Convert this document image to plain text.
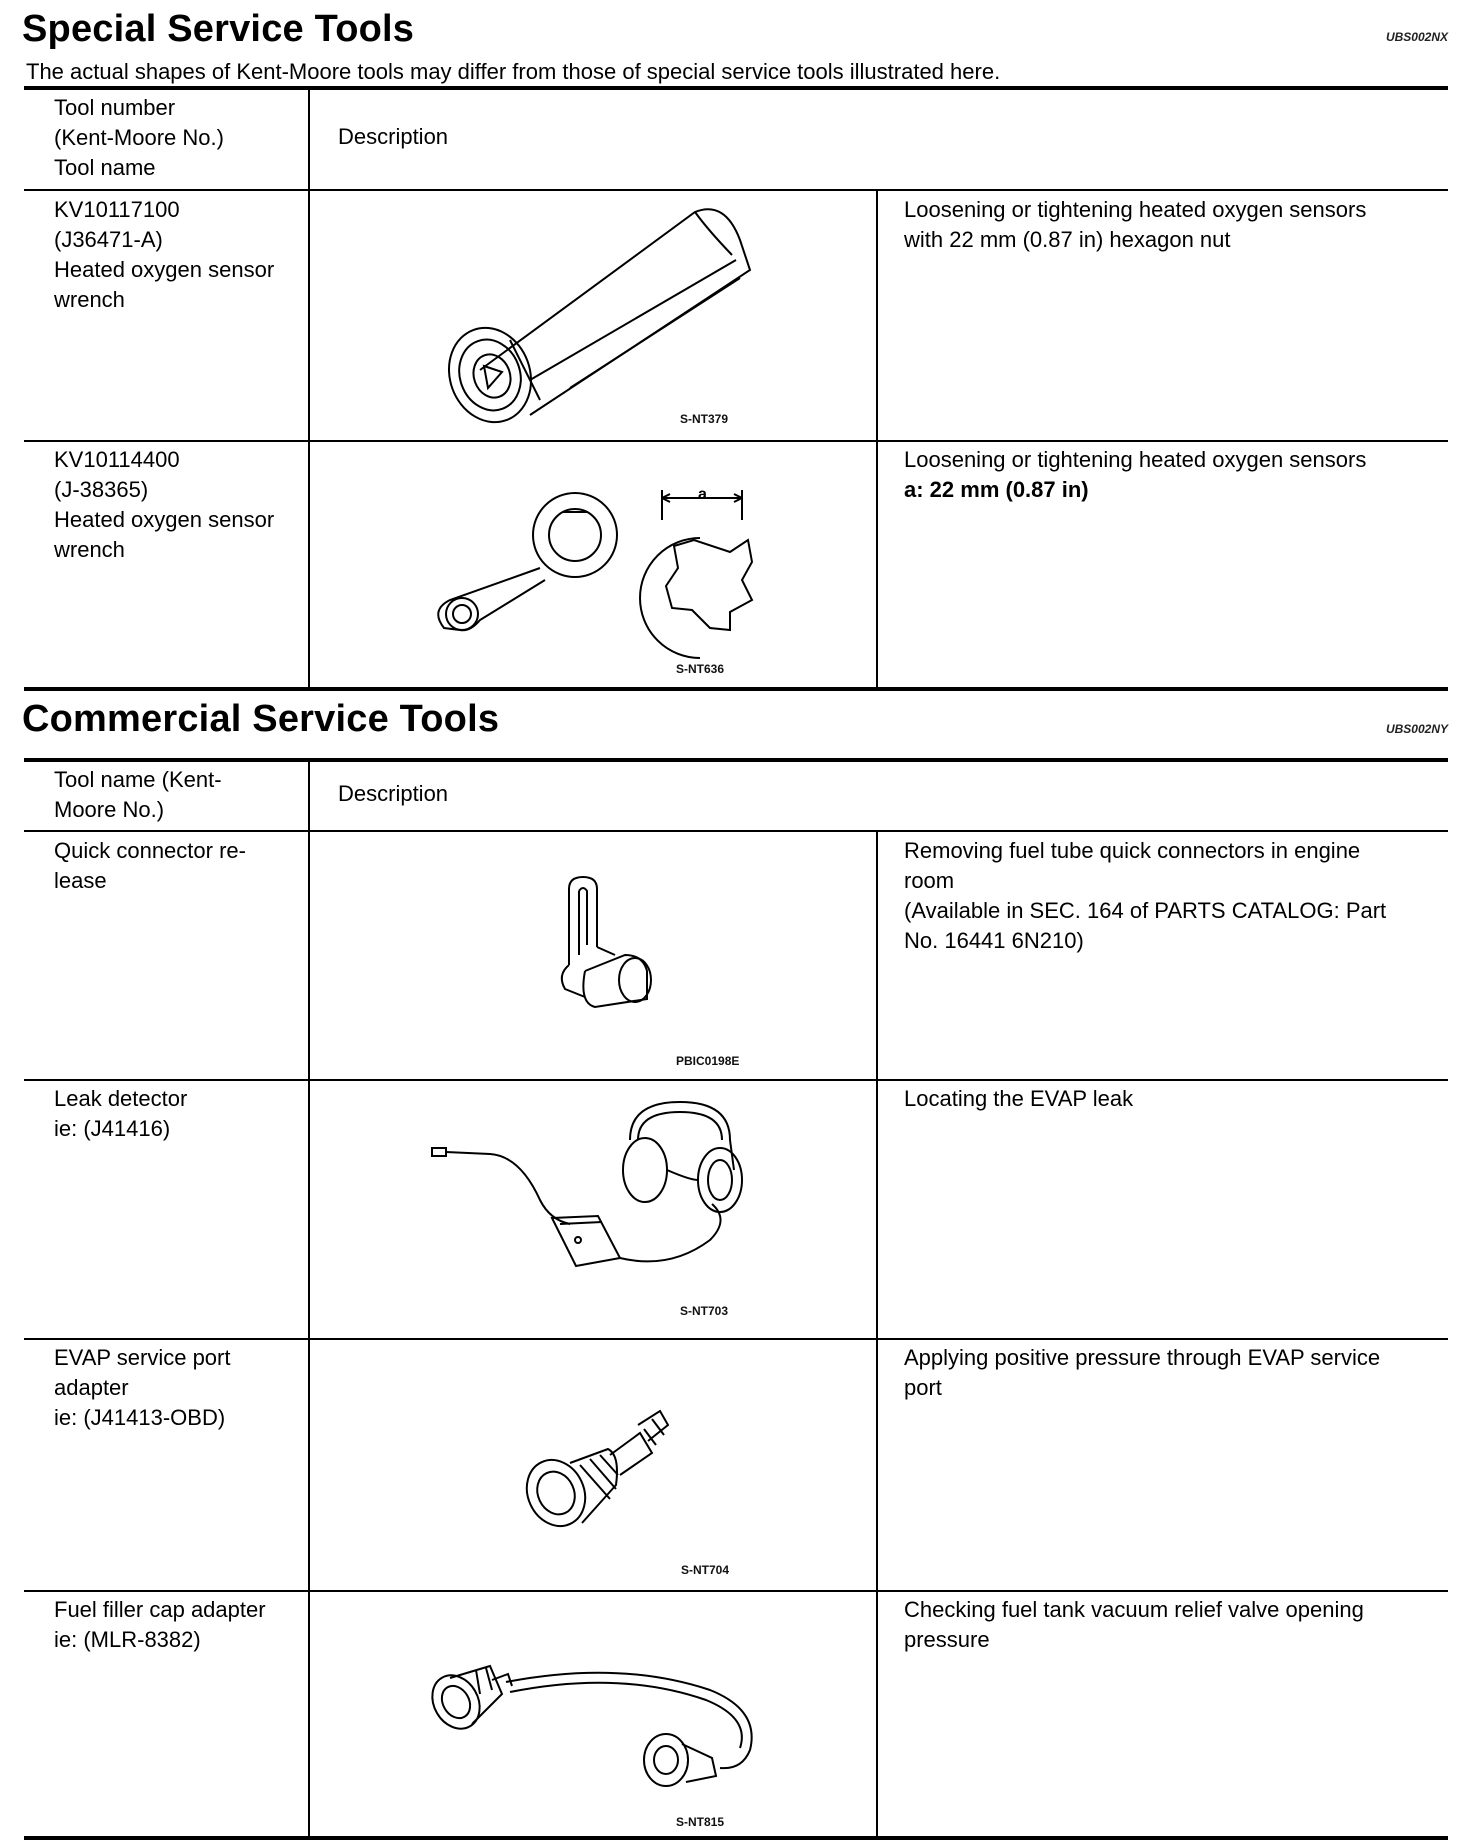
Special Service Tools	UBS002NX
The actual shapes of Kent-Moore tools may differ from those of special service tools illustrated here.
Tool number
(Kent-Moore No.)
Tool name
Description
KV10117100
(J36471-A)
Heated oxygen sensor
wrench
S-NT379
Loosening or tightening heated oxygen sensors
with 22 mm (0.87 in) hexagon nut
KV10114400
(J-38365)
Heated oxygen sensor
wrench
a
S-NT636
Loosening or tightening heated oxygen sensors
a: 22 mm (0.87 in)
Commercial Service Tools	UBS002NY
Tool name (Kent-
Moore No.)
Description
Quick connector re-
lease
PBIC0198E
Removing fuel tube quick connectors in engine
room
(Available in SEC. 164 of PARTS CATALOG: Part
No. 16441 6N210)
Leak detector
ie: (J41416)
S-NT703
Locating the EVAP leak
EVAP service port
adapter
ie: (J41413-OBD)
S-NT704
Applying positive pressure through EVAP service
port
Fuel filler cap adapter
ie: (MLR-8382)
S-NT815
Checking fuel tank vacuum relief valve opening
pressure
